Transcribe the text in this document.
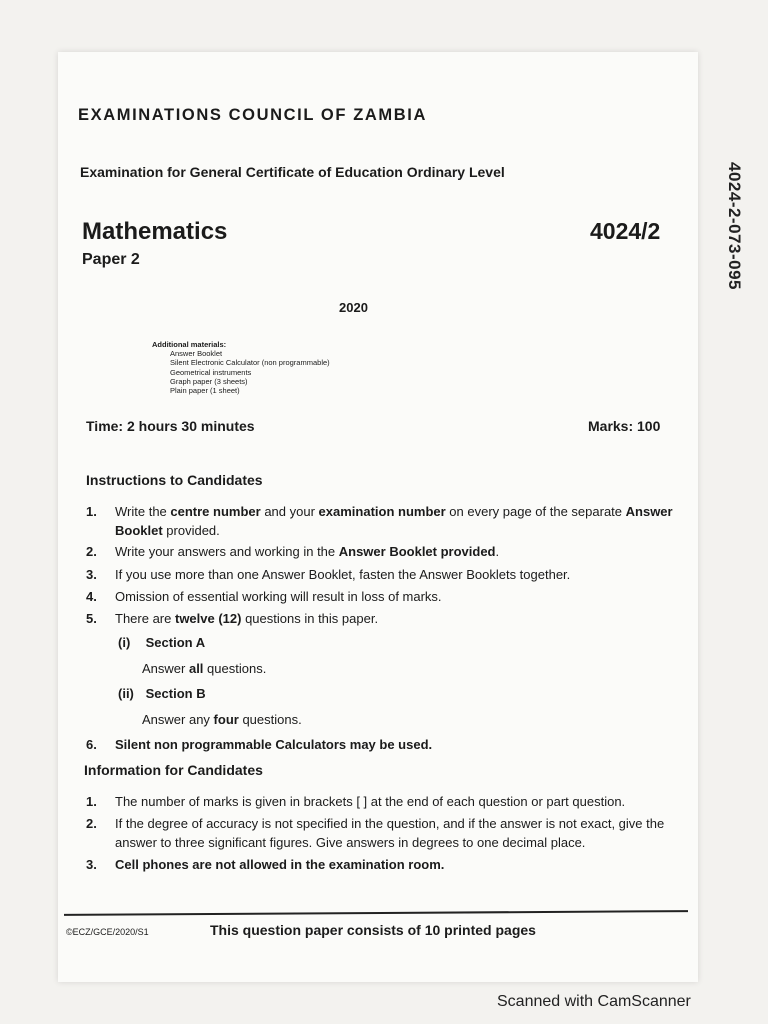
EXAMINATIONS COUNCIL OF ZAMBIA
Examination for General Certificate of Education Ordinary Level
Mathematics	4024/2
Paper 2
2020
Additional materials:
Answer Booklet
Silent Electronic Calculator (non programmable)
Geometrical instruments
Graph paper (3 sheets)
Plain paper (1 sheet)
Time: 2 hours 30 minutes	Marks: 100
Instructions to Candidates
1.	Write the centre number and your examination number on every page of the separate Answer Booklet provided.
2.	Write your answers and working in the Answer Booklet provided.
3.	If you use more than one Answer Booklet, fasten the Answer Booklets together.
4.	Omission of essential working will result in loss of marks.
5.	There are twelve (12) questions in this paper.
(i) Section A
Answer all questions.
(ii) Section B
Answer any four questions.
6.	Silent non programmable Calculators may be used.
Information for Candidates
1.	The number of marks is given in brackets [ ] at the end of each question or part question.
2.	If the degree of accuracy is not specified in the question, and if the answer is not exact, give the answer to three significant figures. Give answers in degrees to one decimal place.
3.	Cell phones are not allowed in the examination room.
©ECZ/GCE/2020/S1	This question paper consists of 10 printed pages
4024-2-073-095
Scanned with CamScanner
